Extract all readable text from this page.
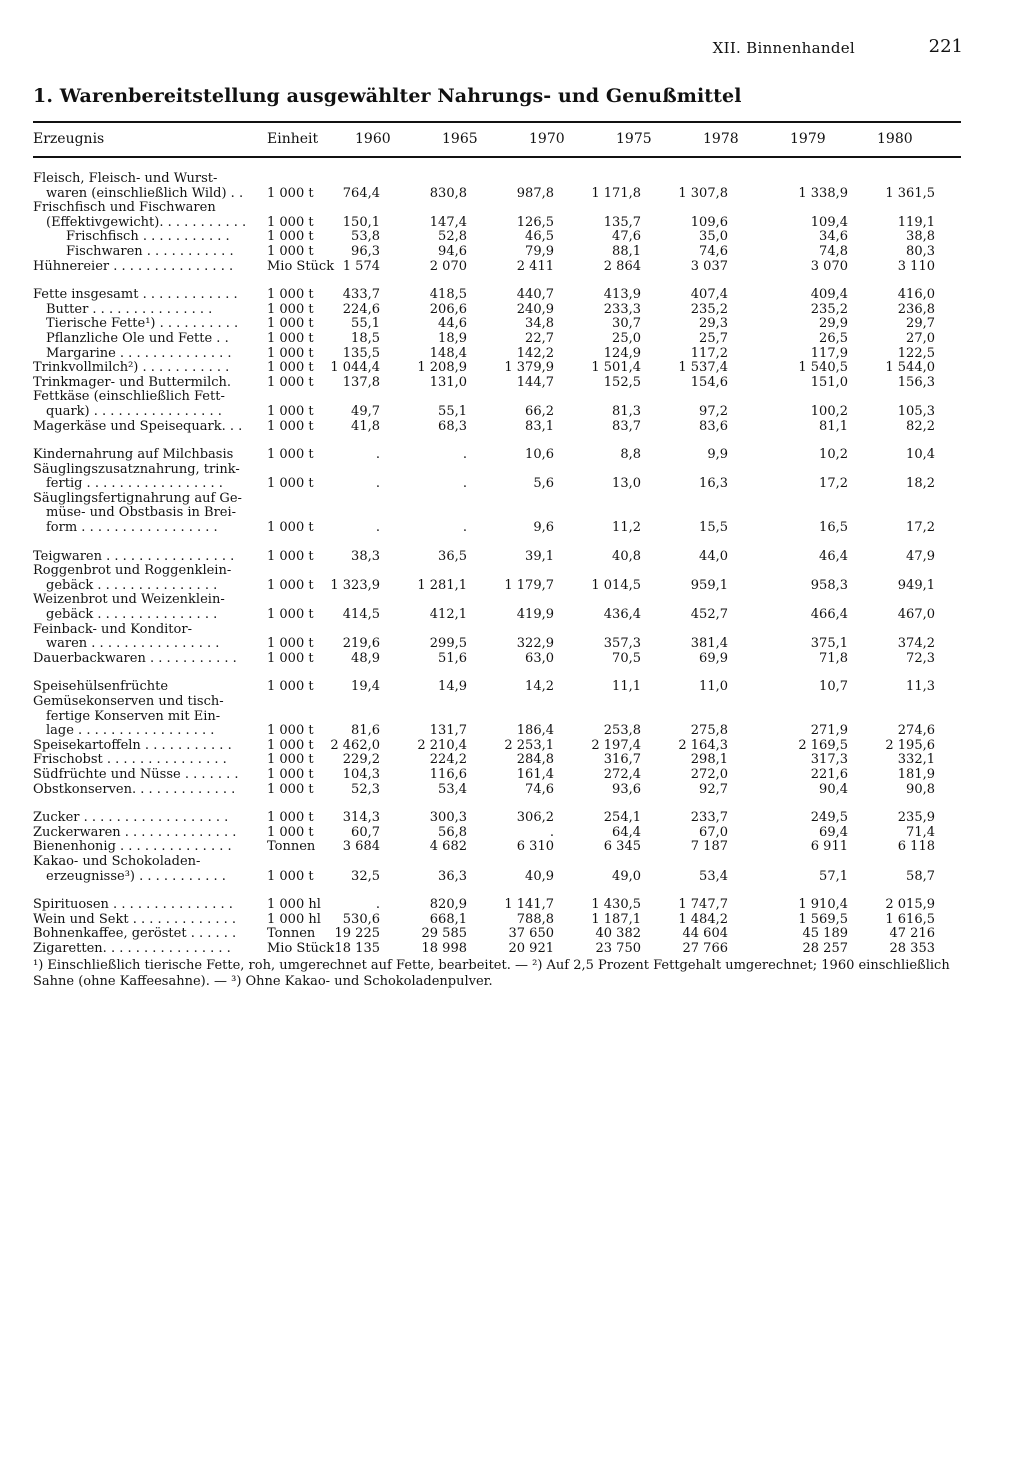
XII. Binnenhandel	221
1. Warenbereitstellung ausgewählter Nahrungs- und Genußmittel
Erzeugnis	Einheit	1960	1965	1970	1975	1978	1979	1980
Fleisch, Fleisch- und Wurst-
waren (einschließlich Wild) . .	1 000 t	764,4	830,8	987,8	1 171,8	1 307,8	1 338,9	1 361,5
Frischfisch und Fischwaren
(Effektivgewicht). . . . . . . . . . .	1 000 t	150,1	147,4	126,5	135,7	109,6	109,4	119,1
Frischfisch . . . . . . . . . . .	1 000 t	53,8	52,8	46,5	47,6	35,0	34,6	38,8
Fischwaren . . . . . . . . . . .	1 000 t	96,3	94,6	79,9	88,1	74,6	74,8	80,3
Hühnereier . . . . . . . . . . . . . . .	Mio Stück 1 574	2 070	2 411	2 864	3 037	3 070	3 110
Fette insgesamt . . . . . . . . . . . .	1 000 t	433,7	418,5	440,7	413,9	407,4	409,4	416,0
Butter . . . . . . . . . . . . . . .	1 000 t	224,6	206,6	240,9	233,3	235,2	235,2	236,8
Tierische Fette¹) . . . . . . . . . .	1 000 t	55,1	44,6	34,8	30,7	29,3	29,9	29,7
Pflanzliche Öle und Fette . .	1 000 t	18,5	18,9	22,7	25,0	25,7	26,5	27,0
Margarine . . . . . . . . . . . . . .	1 000 t	135,5	148,4	142,2	124,9	117,2	117,9	122,5
Trinkvollmilch²) . . . . . . . . . . .	1 000 t	1 044,4	1 208,9	1 379,9	1 501,4	1 537,4	1 540,5	1 544,0
Trinkmager- und Buttermilch.	1 000 t	137,8	131,0	144,7	152,5	154,6	151,0	156,3
Fettkäse (einschließlich Fett-
quark) . . . . . . . . . . . . . . . .	1 000 t	49,7	55,1	66,2	81,3	97,2	100,2	105,3
Magerkäse und Speisequark. . .	1 000 t	41,8	68,3	83,1	83,7	83,6	81,1	82,2
Kindernahrung auf Milchbasis	1 000 t	.	.	10,6	8,8	9,9	10,2	10,4
Säuglingszusatznahrung, trink-
fertig . . . . . . . . . . . . . . . . .	1 000 t	.	.	5,6	13,0	16,3	17,2	18,2
Säuglingsfertignahrung auf Ge-
müse- und Obstbasis in Brei-
form . . . . . . . . . . . . . . . . .	1 000 t	.	.	9,6	11,2	15,5	16,5	17,2
Teigwaren . . . . . . . . . . . . . . . .	1 000 t	38,3	36,5	39,1	40,8	44,0	46,4	47,9
Roggenbrot und Roggenklein-
gebäck . . . . . . . . . . . . . . .	1 000 t	1 323,9	1 281,1	1 179,7	1 014,5	959,1	958,3	949,1
Weizenbrot und Weizenklein-
gebäck . . . . . . . . . . . . . . .	1 000 t	414,5	412,1	419,9	436,4	452,7	466,4	467,0
Feinback- und Konditor-
waren . . . . . . . . . . . . . . . .	1 000 t	219,6	299,5	322,9	357,3	381,4	375,1	374,2
Dauerbackwaren . . . . . . . . . . .	1 000 t	48,9	51,6	63,0	70,5	69,9	71,8	72,3
Speisehülsenfrüchte	1 000 t	19,4	14,9	14,2	11,1	11,0	10,7	11,3
Gemüsekonserven und tisch-
fertige Konserven mit Ein-
lage . . . . . . . . . . . . . . . . .	1 000 t	81,6	131,7	186,4	253,8	275,8	271,9	274,6
Speisekartoffeln . . . . . . . . . . .	1 000 t	2 462,0	2 210,4	2 253,1	2 197,4	2 164,3	2 169,5	2 195,6
Frischobst . . . . . . . . . . . . . . .	1 000 t	229,2	224,2	284,8	316,7	298,1	317,3	332,1
Südfrüchte und Nüsse . . . . . . .	1 000 t	104,3	116,6	161,4	272,4	272,0	221,6	181,9
Obstkonserven. . . . . . . . . . . . .	1 000 t	52,3	53,4	74,6	93,6	92,7	90,4	90,8
Zucker . . . . . . . . . . . . . . . . . .	1 000 t	314,3	300,3	306,2	254,1	233,7	249,5	235,9
Zuckerwaren . . . . . . . . . . . . . .	1 000 t	60,7	56,8	.	64,4	67,0	69,4	71,4
Bienenhonig . . . . . . . . . . . . . .	Tonnen	3 684	4 682	6 310	6 345	7 187	6 911	6 118
Kakao- und Schokoladen-
erzeugnisse³) . . . . . . . . . . .	1 000 t	32,5	36,3	40,9	49,0	53,4	57,1	58,7
Spirituosen . . . . . . . . . . . . . . .	1 000 hl	.	820,9	1 141,7	1 430,5	1 747,7	1 910,4	2 015,9
Wein und Sekt . . . . . . . . . . . . .	1 000 hl	530,6	668,1	788,8	1 187,1	1 484,2	1 569,5	1 616,5
Bohnenkaffee, geröstet . . . . . .	Tonnen	19 225	29 585	37 650	40 382	44 604	45 189	47 216
Zigaretten. . . . . . . . . . . . . . . .	Mio Stück 18 135	18 998	20 921	23 750	27 766	28 257	28 353
¹) Einschließlich tierische Fette, roh, umgerechnet auf Fette, bearbeitet. — ²) Auf 2,5 Prozent Fettgehalt umgerechnet; 1960 einschließlich Sahne (ohne Kaffeesahne). — ³) Ohne Kakao- und Schokoladenpulver.
